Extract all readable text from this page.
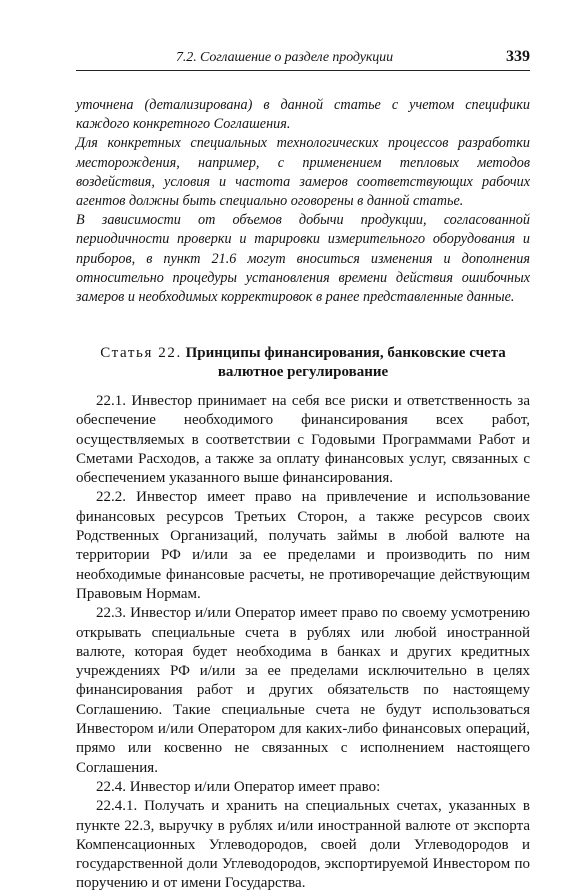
7.2. Соглашение о разделе продукции	339

уточнена (детализирована) в данной статье с учетом специфики каждого конкретного Соглашения.

Для конкретных специальных технологических процессов разработки месторождения, например, с применением тепловых методов воздействия, условия и частота замеров соответствующих рабочих агентов должны быть специально оговорены в данной статье.

В зависимости от объемов добычи продукции, согласованной периодичности проверки и тарировки измерительного оборудования и приборов, в пункт 21.6 могут вноситься изменения и дополнения относительно процедуры установления времени действия ошибочных замеров и необходимых корректировок в ранее представленные данные.

Статья 22. Принципы финансирования, банковские счета валютное регулирование

22.1. Инвестор принимает на себя все риски и ответственность за обеспечение необходимого финансирования всех работ, осуществляемых в соответствии с Годовыми Программами Работ и Сметами Расходов, а также за оплату финансовых услуг, связанных с обеспечением указанного выше финансирования.

22.2. Инвестор имеет право на привлечение и использование финансовых ресурсов Третьих Сторон, а также ресурсов своих Родственных Организаций, получать займы в любой валюте на территории РФ и/или за ее пределами и производить по ним необходимые финансовые расчеты, не противоречащие действующим Правовым Нормам.

22.3. Инвестор и/или Оператор имеет право по своему усмотрению открывать специальные счета в рублях или любой иностранной валюте, которая будет необходима в банках и других кредитных учреждениях РФ и/или за ее пределами исключительно в целях финансирования работ и других обязательств по настоящему Соглашению. Такие специальные счета не будут использоваться Инвестором и/или Оператором для каких-либо финансовых операций, прямо или косвенно не связанных с исполнением настоящего Соглашения.

22.4. Инвестор и/или Оператор имеет право:

22.4.1. Получать и хранить на специальных счетах, указанных в пункте 22.3, выручку в рублях и/или иностранной валюте от экспорта Компенсационных Углеводородов, своей доли Углеводородов и государственной доли Углеводородов, экспортируемой Инвестором по поручению и от имени Государства.
